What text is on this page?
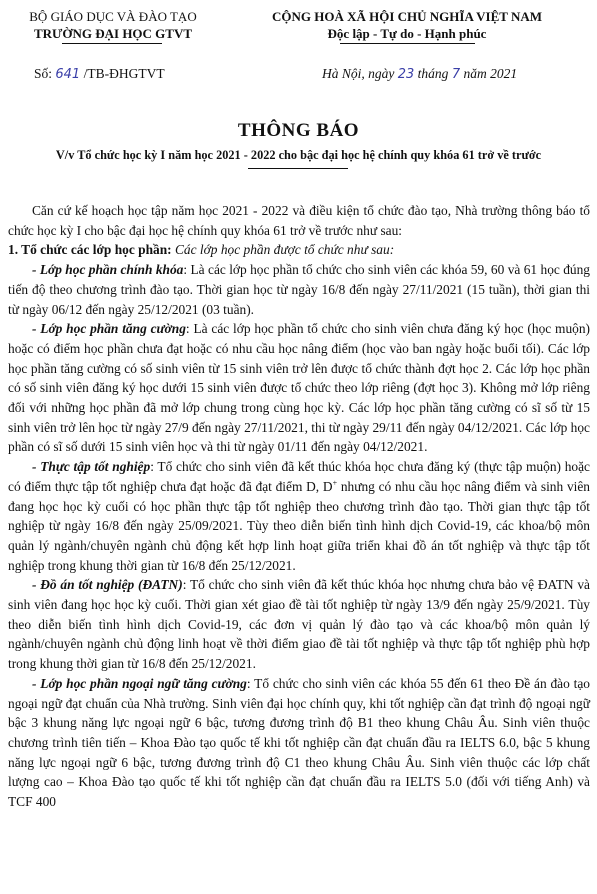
BỘ GIÁO DỤC VÀ ĐÀO TẠO
TRƯỜNG ĐẠI HỌC GTVT
CỘNG HOÀ XÃ HỘI CHỦ NGHĨA VIỆT NAM
Độc lập - Tự do - Hạnh phúc
Số: 641 /TB-ĐHGTVT	Hà Nội, ngày 23 tháng 7 năm 2021
THÔNG BÁO
V/v Tổ chức học kỳ I năm học 2021 - 2022 cho bậc đại học hệ chính quy khóa 61 trở về trước

Căn cứ kế hoạch học tập năm học 2021 - 2022 và điều kiện tổ chức đào tạo, Nhà trường thông báo tổ chức học kỳ I cho bậc đại học hệ chính quy khóa 61 trở về trước như sau:

1. Tổ chức các lớp học phần: Các lớp học phần được tổ chức như sau:

- Lớp học phần chính khóa: Là các lớp học phần tổ chức cho sinh viên các khóa 59, 60 và 61 học đúng tiến độ theo chương trình đào tạo. Thời gian học từ ngày 16/8 đến ngày 27/11/2021 (15 tuần), thời gian thi từ ngày 06/12 đến ngày 25/12/2021 (03 tuần).

- Lớp học phần tăng cường: Là các lớp học phần tổ chức cho sinh viên chưa đăng ký học (học muộn) hoặc có điểm học phần chưa đạt hoặc có nhu cầu học nâng điểm (học vào ban ngày hoặc buổi tối). Các lớp học phần tăng cường có số sinh viên từ 15 sinh viên trở lên được tổ chức thành đợt học 2. Các lớp học phần có số sinh viên đăng ký học dưới 15 sinh viên được tổ chức theo lớp riêng (đợt học 3). Không mở lớp riêng đối với những học phần đã mở lớp chung trong cùng học kỳ. Các lớp học phần tăng cường có sĩ số từ 15 sinh viên trở lên học từ ngày 27/9 đến ngày 27/11/2021, thi từ ngày 29/11 đến ngày 04/12/2021. Các lớp học phần có sĩ số dưới 15 sinh viên học và thi từ ngày 01/11 đến ngày 04/12/2021.

- Thực tập tốt nghiệp: Tổ chức cho sinh viên đã kết thúc khóa học chưa đăng ký (thực tập muộn) hoặc có điểm thực tập tốt nghiệp chưa đạt hoặc đã đạt điểm D, D+ nhưng có nhu cầu học nâng điểm và sinh viên đang học học kỳ cuối có học phần thực tập tốt nghiệp theo chương trình đào tạo. Thời gian thực tập tốt nghiệp từ ngày 16/8 đến ngày 25/09/2021. Tùy theo diễn biến tình hình dịch Covid-19, các khoa/bộ môn quản lý ngành/chuyên ngành chủ động kết hợp linh hoạt giữa triển khai đồ án tốt nghiệp và thực tập tốt nghiệp trong khung thời gian từ 16/8 đến 25/12/2021.

- Đồ án tốt nghiệp (ĐATN): Tổ chức cho sinh viên đã kết thúc khóa học nhưng chưa bảo vệ ĐATN và sinh viên đang học học kỳ cuối. Thời gian xét giao đề tài tốt nghiệp từ ngày 13/9 đến ngày 25/9/2021. Tùy theo diễn biến tình hình dịch Covid-19, các đơn vị quản lý đào tạo và các khoa/bộ môn quản lý ngành/chuyên ngành chủ động linh hoạt về thời điểm giao đề tài tốt nghiệp và thực tập tốt nghiệp phù hợp trong khung thời gian từ 16/8 đến 25/12/2021.

- Lớp học phần ngoại ngữ tăng cường: Tổ chức cho sinh viên các khóa 55 đến 61 theo Đề án đào tạo ngoại ngữ đạt chuẩn của Nhà trường. Sinh viên đại học chính quy, khi tốt nghiệp cần đạt trình độ ngoại ngữ bậc 3 khung năng lực ngoại ngữ 6 bậc, tương đương trình độ B1 theo khung Châu Âu. Sinh viên thuộc chương trình tiên tiến – Khoa Đào tạo quốc tế khi tốt nghiệp cần đạt chuẩn đầu ra IELTS 6.0, bậc 5 khung năng lực ngoại ngữ 6 bậc, tương đương trình độ C1 theo khung Châu Âu. Sinh viên thuộc các lớp chất lượng cao – Khoa Đào tạo quốc tế khi tốt nghiệp cần đạt chuẩn đầu ra IELTS 5.0 (đối với tiếng Anh) và TCF 400
